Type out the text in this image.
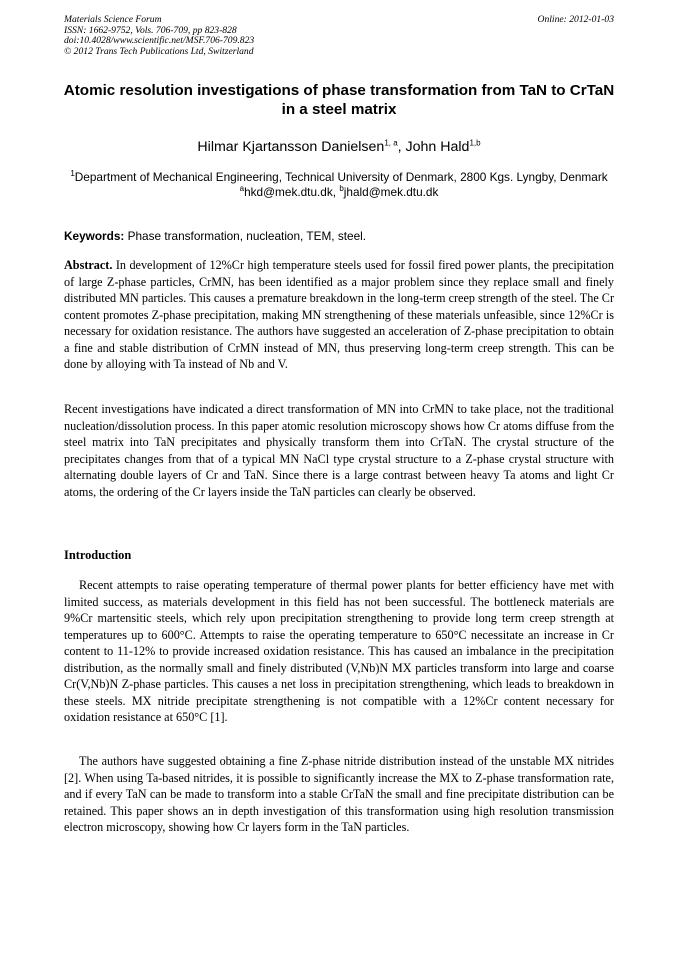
Materials Science Forum
ISSN: 1662-9752, Vols. 706-709, pp 823-828
doi:10.4028/www.scientific.net/MSF.706-709.823
© 2012 Trans Tech Publications Ltd, Switzerland
Online: 2012-01-03
Atomic resolution investigations of phase transformation from TaN to CrTaN in a steel matrix
Hilmar Kjartansson Danielsen$^{1, a}$, John Hald$^{1,b}$
$^1$Department of Mechanical Engineering, Technical University of Denmark, 2800 Kgs. Lyngby, Denmark
$^a$hkd@mek.dtu.dk, $^b$jhald@mek.dtu.dk
Keywords: Phase transformation, nucleation, TEM, steel.

Abstract. In development of 12%Cr high temperature steels used for fossil fired power plants, the precipitation of large Z-phase particles, CrMN, has been identified as a major problem since they replace small and finely distributed MN particles. This causes a premature breakdown in the long-term creep strength of the steel. The Cr content promotes Z-phase precipitation, making MN strengthening of these materials unfeasible, since 12%Cr is necessary for oxidation resistance. The authors have suggested an acceleration of Z-phase precipitation to obtain a fine and stable distribution of CrMN instead of MN, thus preserving long-term creep strength. This can be done by alloying with Ta instead of Nb and V.

Recent investigations have indicated a direct transformation of MN into CrMN to take place, not the traditional nucleation/dissolution process. In this paper atomic resolution microscopy shows how Cr atoms diffuse from the steel matrix into TaN precipitates and physically transform them into CrTaN. The crystal structure of the precipitates changes from that of a typical MN NaCl type crystal structure to a Z-phase crystal structure with alternating double layers of Cr and TaN. Since there is a large contrast between heavy Ta atoms and light Cr atoms, the ordering of the Cr layers inside the TaN particles can clearly be observed.

Introduction

Recent attempts to raise operating temperature of thermal power plants for better efficiency have met with limited success, as materials development in this field has not been successful. The bottleneck materials are 9%Cr martensitic steels, which rely upon precipitation strengthening to provide long term creep strength at temperatures up to 600°C. Attempts to raise the operating temperature to 650°C necessitate an increase in Cr content to 11-12% to provide increased oxidation resistance. This has caused an imbalance in the precipitation distribution, as the normally small and finely distributed (V,Nb)N MX particles transform into large and coarse Cr(V,Nb)N Z-phase particles. This causes a net loss in precipitation strengthening, which leads to breakdown in these steels. MX nitride precipitate strengthening is not compatible with a 12%Cr content necessary for oxidation resistance at 650°C [1].

The authors have suggested obtaining a fine Z-phase nitride distribution instead of the unstable MX nitrides [2]. When using Ta-based nitrides, it is possible to significantly increase the MX to Z-phase transformation rate, and if every TaN can be made to transform into a stable CrTaN the small and fine precipitate distribution can be retained. This paper shows an in depth investigation of this transformation using high resolution transmission electron microscopy, showing how Cr layers form in the TaN particles.
